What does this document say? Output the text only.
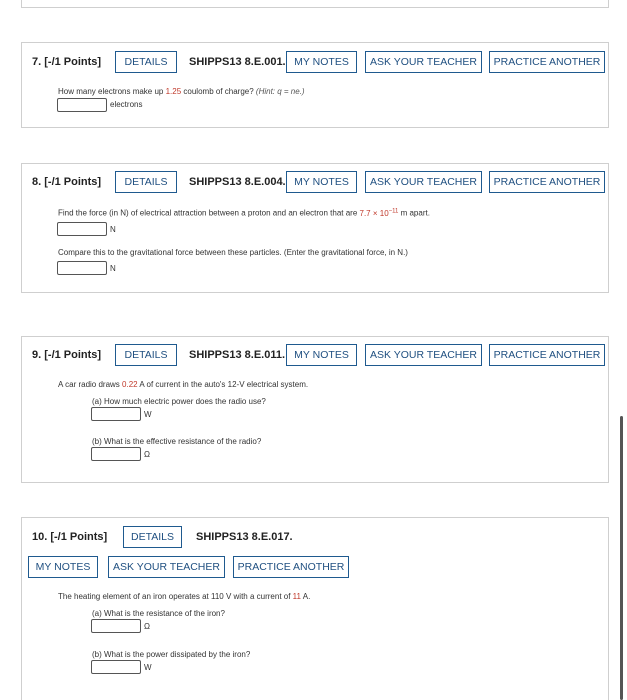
7. [-/1 Points]	DETAILS	SHIPPS13 8.E.001. MY NOTES	ASK YOUR TEACHER	PRACTICE ANOTHER
How many electrons make up 1.25 coulomb of charge? (Hint: q = ne.)
electrons
8. [-/1 Points]	DETAILS	SHIPPS13 8.E.004. MY NOTES	ASK YOUR TEACHER	PRACTICE ANOTHER
Find the force (in N) of electrical attraction between a proton and an electron that are $7.7 \times 10^{-11}$ m apart.
N
Compare this to the gravitational force between these particles. (Enter the gravitational force, in N.)
N
9. [-/1 Points]	DETAILS	SHIPPS13 8.E.011. MY NOTES	ASK YOUR TEACHER	PRACTICE ANOTHER
A car radio draws 0.22 A of current in the auto's 12-V electrical system.
(a) How much electric power does the radio use?
W
(b) What is the effective resistance of the radio?
Ω
10. [-/1 Points]	DETAILS	SHIPPS13 8.E.017.
MY NOTES	ASK YOUR TEACHER	PRACTICE ANOTHER
The heating element of an iron operates at 110 V with a current of 11 A.
(a) What is the resistance of the iron?
Ω
(b) What is the power dissipated by the iron?
W
